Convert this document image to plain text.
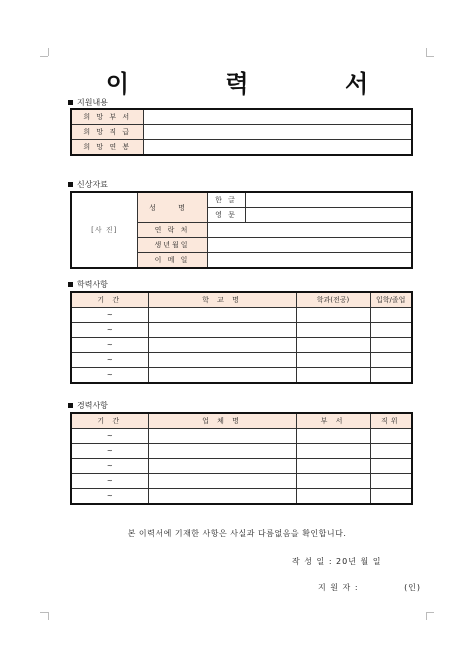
이 력 서
지원내용
희 망 부 서	
희 망 직 급	
희 망 연 봉	
신상자료
[사 진]	성 명	한 글	
		영 문	
	연 락 처		
	생년월일		
	이 메 일		
학력사항
기 간	학 교 명	학과(전공)	입학/졸업
~			
~			
~			
~			
~			
경력사항
기 간	업 체 명	부 서	직위
~			
~			
~			
~			
~			
본 이력서에 기재한 사항은 사실과 다름없음을 확인합니다.
작 성 일 : 20년 월 일
지 원 자 :	(인)
